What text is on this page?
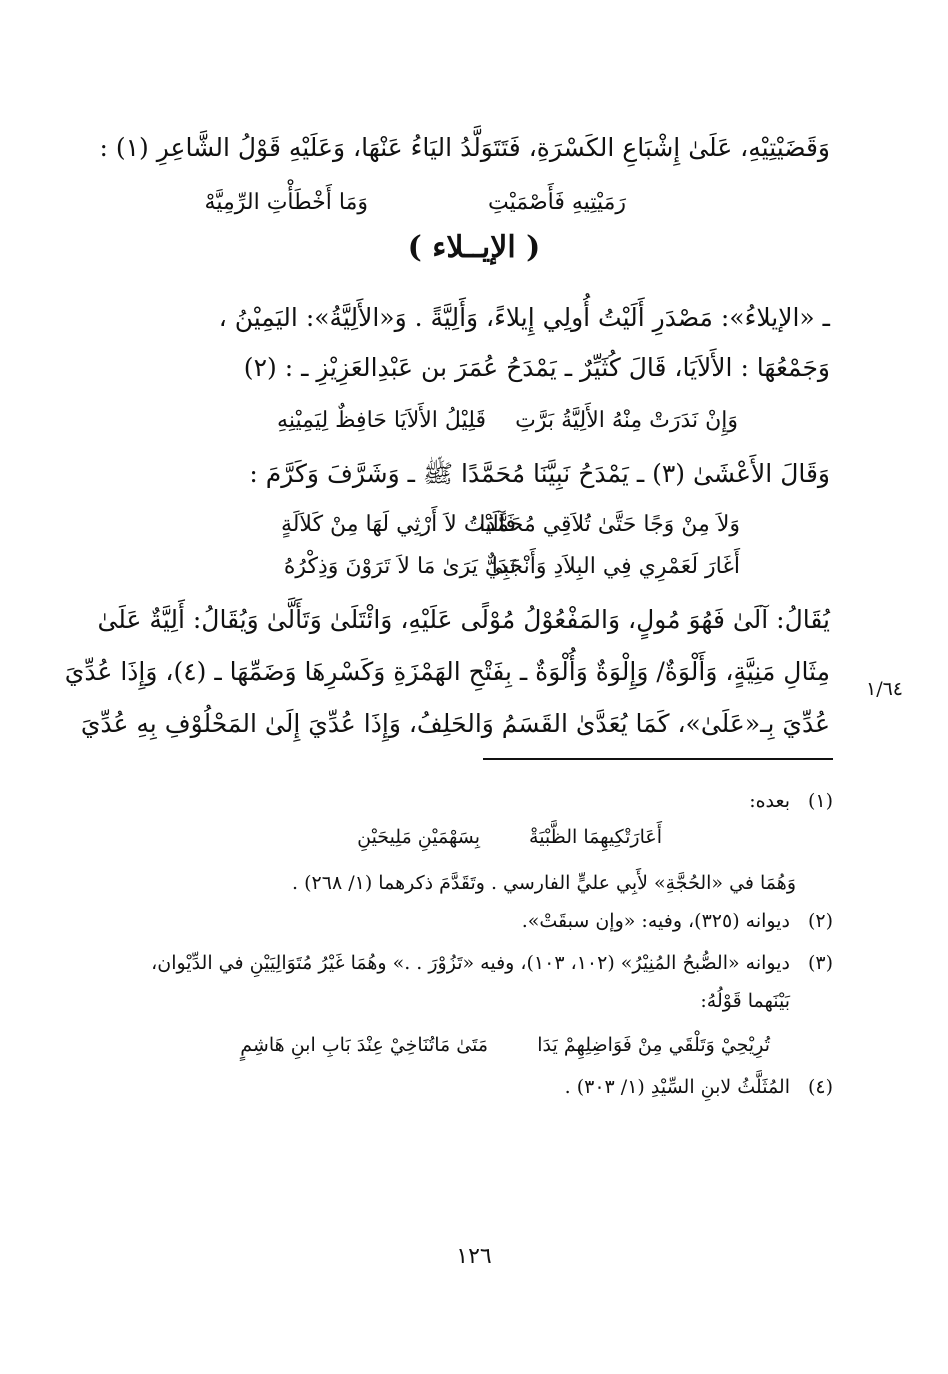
وَقَضَيْتِيْهِ، عَلَىٰ إِشْبَاعِ الكَسْرَةِ، فَتَتَوَلَّدُ اليَاءُ عَنْهَا، وَعَلَيْهِ قَوْلُ الشَّاعِرِ (١) :
رَمَيْتِيهِ فَأَصْمَيْتِ
وَمَا أَخْطَأْتِ الرِّمِيَّهْ
( الإيــلاء )
ـ «الإيلاءُ»: مَصْدَرِ أَلَيْتُ أُولِي إِيلاءً، وَأَلِيَّةً . وَ«الأَلِيَّةُ»: اليَمِيْنُ ،
وَجَمْعُهَا : الأَلاَيَا، قَالَ كُثَيِّرٌ ـ يَمْدَحُ عُمَرَ بن عَبْدِالعَزِيْزِ ـ : (٢)
قَلِيْلُ الأَلاَيَا حَافِظٌ لِيَمِيْنِهِ وَإِنْ نَدَرَتْ مِنْهُ الأَلِيَّةُ بَرَّتِ
وَقَالَ الأَعْشَىٰ (٣) ـ يَمْدَحُ نَبِيَّنَا مُحَمَّدًا ﷺ ـ وَشَرَّفَ وَكَرَّمَ :
فَآلَيْتُ لاَ أَرْثِي لَهَا مِنْ كَلاَلَةٍ
وَلاَ مِنْ وَجًا حَتَّىٰ تُلاَقِي مُحَمَّدَا
نَبِيٌّ يَرَىٰ مَا لاَ تَرَوْنَ وَذِكْرُهُ
أَغَارَ لَعَمْرِي فِي البِلاَدِ وَأَنْجَدَا
يُقَالُ: آلَىٰ فَهُوَ مُولٍ، وَالمَفْعُوْلُ مُوْلًى عَلَيْهِ، وَائْتَلَىٰ وَتَأَلَّىٰ وَيُقَالُ: أَلِيَّةٌ عَلَىٰ
مِثَالِ مَنِيَّةٍ، وَأَلْوَةٌ/ وَإِلْوَةٌ وَأُلْوَةٌ ـ بِفَتْحِ الهَمْزَةِ وَكَسْرِهَا وَضَمِّهَا ـ (٤)، وَإِذَا عُدِّيَ
عُدِّيَ بِـ«عَلَىٰ»، كَمَا يُعَدَّىٰ القَسَمُ وَالحَلِفُ، وَإِذَا عُدِّيَ إِلَىٰ المَحْلُوْفِ بِهِ عُدِّيَ
١/٦٤
(١)
بعده:
بِسَهْمَيْنِ مَلِيحَيْنِ	أَعَارَتْكِيهِمَا الظَّبْيَةْ
وَهُمَا في «الحُجَّةِ» لأَبِي عليٍّ الفارسي . وتَقَدَّمَ ذكرهما (١/ ٢٦٨) .
(٢)
ديوانه (٣٢٥)، وفيه: «وإن سبقَتْ».
(٣)
ديوانه «الصُّبحُ المُنِيْرُ» (١٠٢، ١٠٣)، وفيه «تَزُوْرَ . .» وهُمَا غَيْرُ مُتَوَالِيَيْنِ في الدِّيْوان،
بَيْنَهما قَوْلُهُ:
مَتَىٰ مَاتُنَاخِيْ عِنْدَ بَابِ ابنِ هَاشِمٍ	تُرِيْحِيْ وَتَلْقَي مِنْ فَوَاضِلِهِمْ يَدَا
(٤)
المُثَلَّثُ لابنِ السِّيْدِ (١/ ٣٠٣) .
١٢٦
